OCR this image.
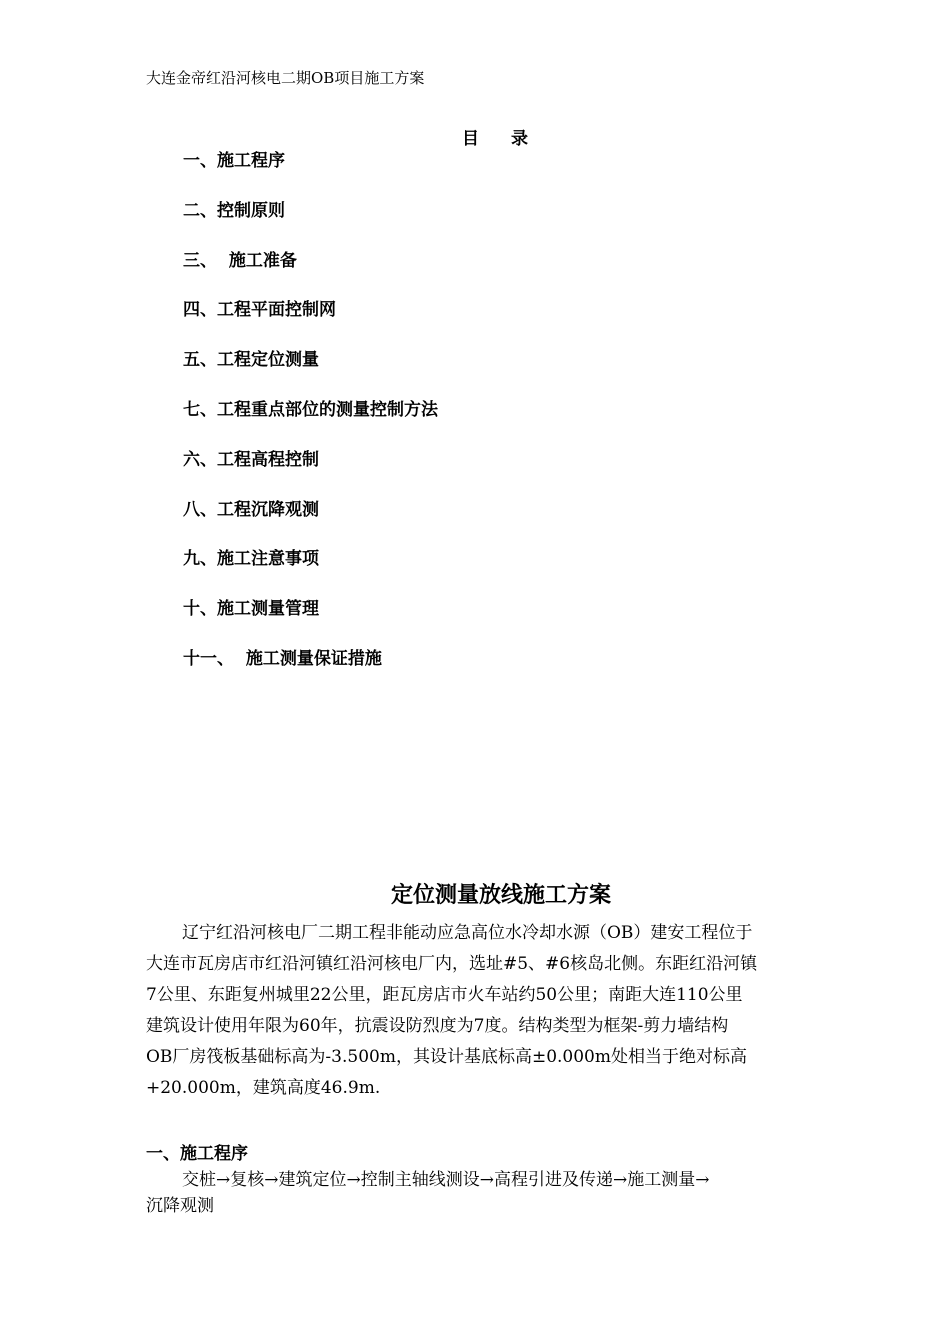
大连金帝红沿河核电二期OB项目施工方案
目 录
一、施工程序
二、控制原则
三、  施工准备
四、工程平面控制网
五、工程定位测量
七、工程重点部位的测量控制方法
六、工程高程控制
八、工程沉降观测
九、施工注意事项
十、施工测量管理
十一、  施工测量保证措施
定位测量放线施工方案

辽宁红沿河核电厂二期工程非能动应急高位水冷却水源（OB）建安工程位于
大连市瓦房店市红沿河镇红沿河核电厂内，选址#5、#6核岛北侧。东距红沿河镇
7公里、东距复州城里22公里，距瓦房店市火车站约50公里；南距大连110公里
建筑设计使用年限为60年，抗震设防烈度为7度。结构类型为框架-剪力墙结构
OB厂房筏板基础标高为-3.500m，其设计基底标高±0.000m处相当于绝对标高
+20.000m，建筑高度46.9m.

一、施工程序

交桩→复核→建筑定位→控制主轴线测设→高程引进及传递→施工测量→
沉降观测
